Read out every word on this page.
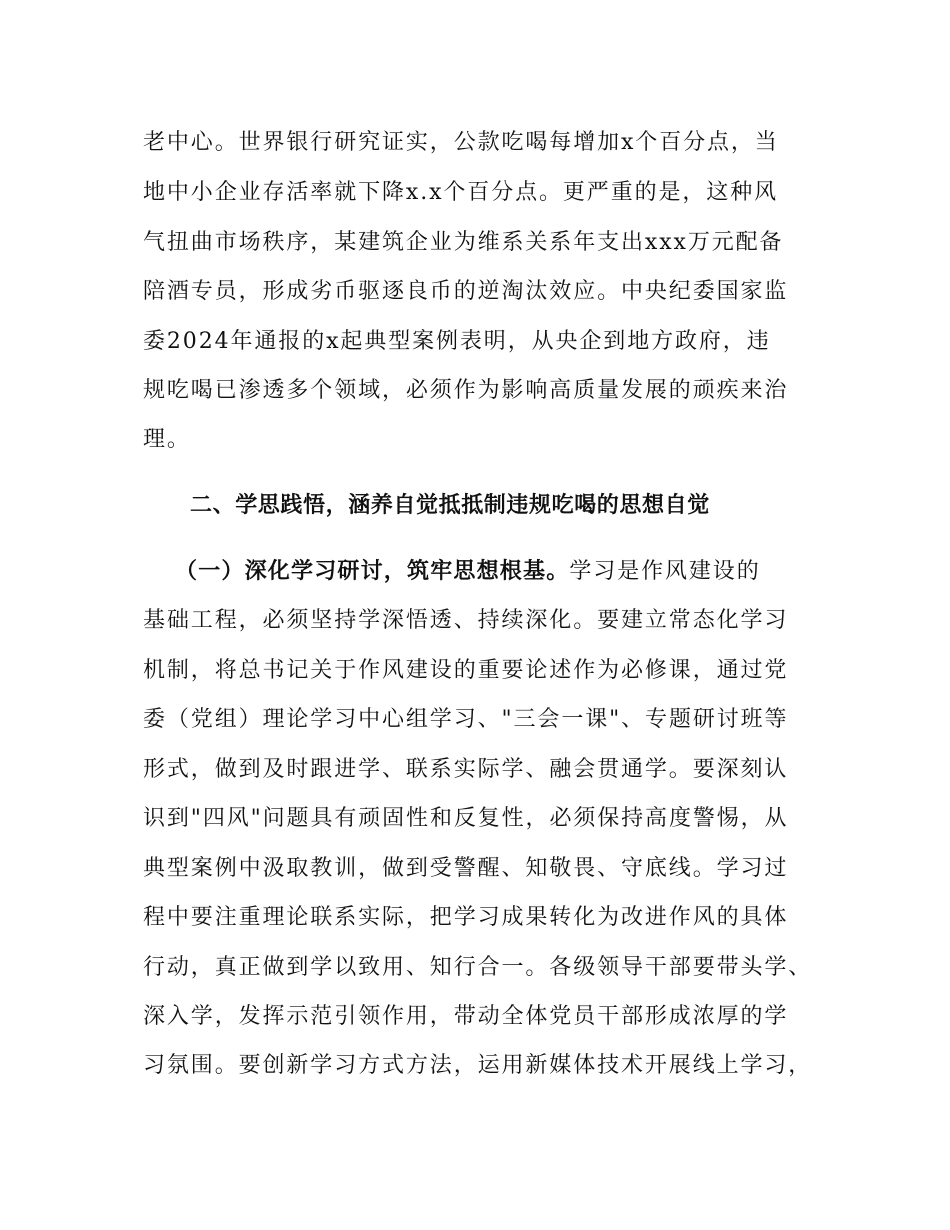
老中心。世界银行研究证实，公款吃喝每增加x个百分点，当
地中小企业存活率就下降x.x个百分点。更严重的是，这种风
气扭曲市场秩序，某建筑企业为维系关系年支出xxx万元配备
陪酒专员，形成劣币驱逐良币的逆淘汰效应。中央纪委国家监
委2024年通报的x起典型案例表明，从央企到地方政府，违
规吃喝已渗透多个领域，必须作为影响高质量发展的顽疾来治
理。
二、学思践悟，涵养自觉抵抵制违规吃喝的思想自觉
（一）深化学习研讨，筑牢思想根基。学习是作风建设的
基础工程，必须坚持学深悟透、持续深化。要建立常态化学习
机制，将总书记关于作风建设的重要论述作为必修课，通过党
委（党组）理论学习中心组学习、"三会一课"、专题研讨班等
形式，做到及时跟进学、联系实际学、融会贯通学。要深刻认
识到"四风"问题具有顽固性和反复性，必须保持高度警惕，从
典型案例中汲取教训，做到受警醒、知敬畏、守底线。学习过
程中要注重理论联系实际，把学习成果转化为改进作风的具体
行动，真正做到学以致用、知行合一。各级领导干部要带头学、
深入学，发挥示范引领作用，带动全体党员干部形成浓厚的学
习氛围。要创新学习方式方法，运用新媒体技术开展线上学习，
